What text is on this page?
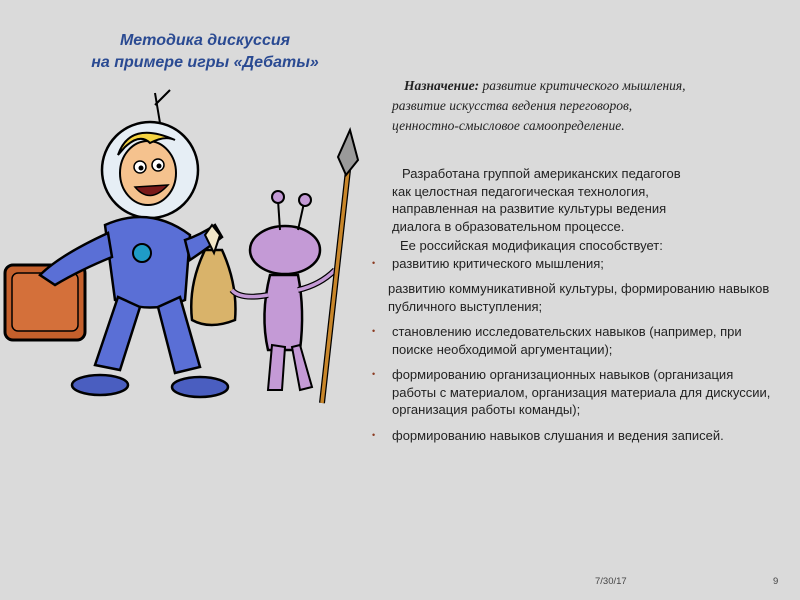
Методика дискуссия
на примере игры «Дебаты»
Назначение: развитие критического мышления,
развитие искусства ведения переговоров,
ценностно-смысловое самоопределение.

Разработана группой американских педагогов

как целостная педагогическая технология,

направленная на развитие культуры ведения

диалога в образовательном процессе.

Ее российская модификация способствует:

• развитию критического мышления;
развитию коммуникативной культуры, формированию навыков публичного выступления;
• становлению исследовательских навыков (например, при поиске необходимой аргументации);
• формированию организационных навыков (организация работы с материалом, организация материала для дискуссии, организация работы команды);
• формированию навыков слушания и ведения записей.
7/30/17	9
